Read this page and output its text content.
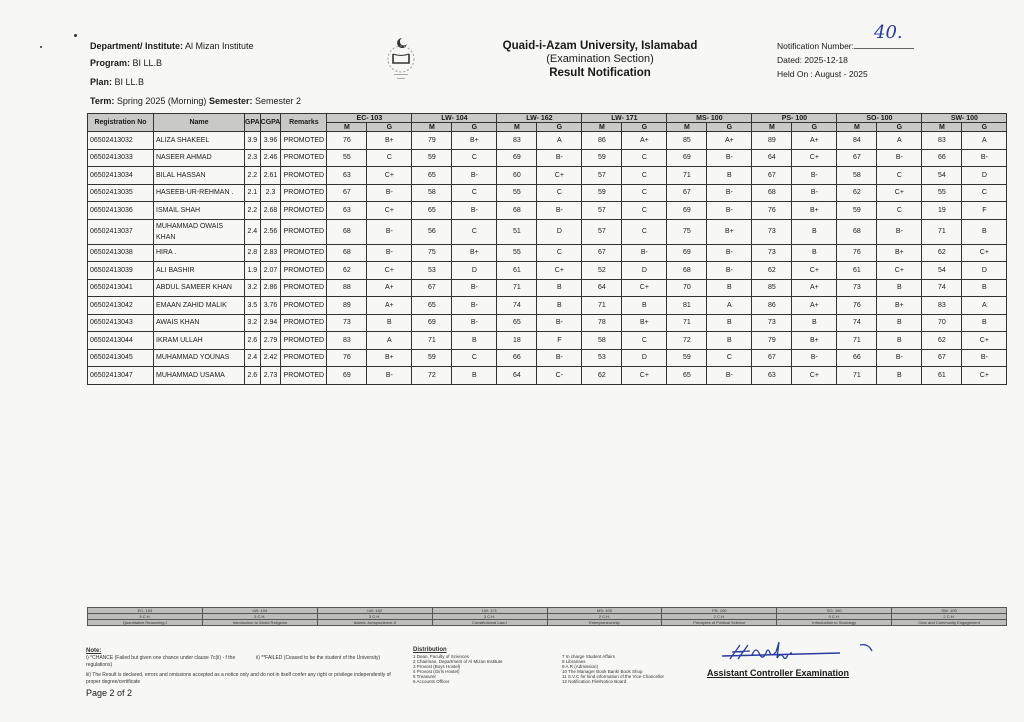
Department/ Institute: Al Mizan Institute
Program: BI LL.B
Plan: BI LL.B
Term: Spring 2025 (Morning) Semester: Semester 2
Quaid-i-Azam University, Islamabad
(Examination Section)
Result Notification
Notification Number:
40.
Dated: 2025-12-18
Held On : August - 2025
Registration No	Name	GPA	CGPA	Remarks	EC- 103		LW- 104		LW- 162		LW- 171		MS- 100		PS- 100		SO- 100		SW- 100	
					M	G	M	G	M	G	M	G	M	G	M	G	M	G	M	G
06502413032	ALIZA SHAKEEL	3.9	3.96	PROMOTED	76	B+	79	B+	83	A	86	A+	85	A+	89	A+	84	A	83	A
06502413033	NASEER AHMAD	2.3	2.46	PROMOTED	55	C	59	C	69	B-	59	C	69	B-	64	C+	67	B-	66	B-
06502413034	BILAL HASSAN	2.2	2.61	PROMOTED	63	C+	65	B-	60	C+	57	C	71	B	67	B-	58	C	54	D
06502413035	HASEEB-UR-REHMAN .	2.1	2.3	PROMOTED	67	B-	58	C	55	C	59	C	67	B-	68	B-	62	C+	55	C
06502413036	ISMAIL SHAH	2.2	2.68	PROMOTED	63	C+	65	B-	68	B-	57	C	69	B-	76	B+	59	C	19	F
06502413037	MUHAMMAD OWAIS KHAN	2.4	2.56	PROMOTED	68	B-	56	C	51	D	57	C	75	B+	73	B	68	B-	71	B
06502413038	HIRA .	2.8	2.83	PROMOTED	68	B-	75	B+	55	C	67	B-	69	B-	73	B	76	B+	62	C+
06502413039	ALI BASHIR	1.9	2.07	PROMOTED	62	C+	53	D	61	C+	52	D	68	B-	62	C+	61	C+	54	D
06502413041	ABDUL SAMEER KHAN	3.2	2.86	PROMOTED	88	A+	67	B-	71	B	64	C+	70	B	85	A+	73	B	74	B
06502413042	EMAAN ZAHID MALIK	3.5	3.76	PROMOTED	89	A+	65	B-	74	B	71	B	81	A	86	A+	76	B+	83	A
06502413043	AWAIS KHAN	3.2	2.94	PROMOTED	73	B	69	B-	65	B-	78	B+	71	B	73	B	74	B	70	B
06502413044	IKRAM ULLAH	2.6	2.79	PROMOTED	83	A	71	B	18	F	58	C	72	B	79	B+	71	B	62	C+
06502413045	MUHAMMAD YOUNAS	2.4	2.42	PROMOTED	76	B+	59	C	66	B-	53	D	59	C	67	B-	66	B-	67	B-
06502413047	MUHAMMAD USAMA	2.6	2.73	PROMOTED	69	B-	72	B	64	C-	62	C+	65	B-	63	C+	71	B	61	C+
EC- 103	LW- 104	LW- 162	LW- 171	MS- 100	PS- 100	SO- 100	SW- 100
3 C.H.	3 C.H.	3 C.H.	3 C.H.	2 C.H.	2 C.H.	3 C.H.	2 C.H.
Quantitative Reasoning-I	Introduction to World Religions	Islamic Jurisprudence-II	Constitutional Law-I	Entrepreneurship	Principles of Political Science	Introduction to Sociology	Civic and Community Engagement
Note:
i) *CHANCE (Failed but given one chance under clause 7c(ii) - f the regulations)
ii) **FAILED (Ceased to be the student of the University)
iii) The Result is declared, errors and omissions accepted as a notice only and do not in itself confer any right or privilege independently of proper degree/certificate
Page 2 of 2
Distribution
1 Dean, Faculty of Sciences
2 Chairman, Department of Al Mizan Institute
3 Provost (Boys Hostel)
4 Provost (Girls Hostel)
5 Treasurer
6 Accounts Officer
7 In charge Student Affairs
8 Librarians
9 A.R (Admission)
10 The Manager Book Bank/ Book Shop
11 S.V.C for kind information of the Vice Chancellor
12 Notification File/Notice Board
Assistant Controller Examination
